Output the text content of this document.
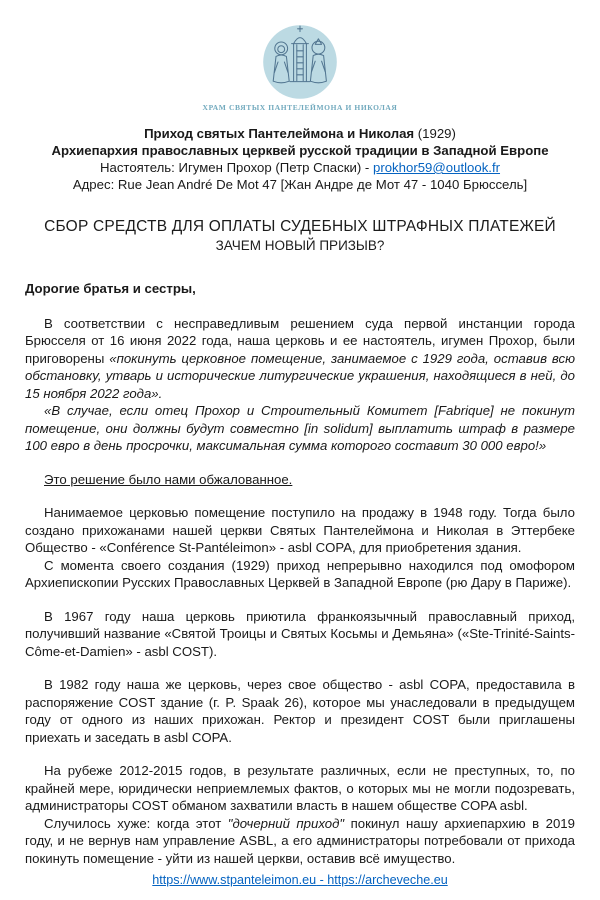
ХРАМ СВЯТЫХ ПАНТЕЛЕЙМОНА И НИКОЛАЯ
Приход святых Пантелеймона и Николая (1929)
Архиепархия православных церквей русской традиции в Западной Европе
Настоятель: Игумен Прохор (Петр Спаски) - prokhor59@outlook.fr
Адрес: Rue Jean André De Mot 47 [Жан Андре де Мот 47 - 1040 Брюссель]
СБОР СРЕДСТВ ДЛЯ ОПЛАТЫ СУДЕБНЫХ ШТРАФНЫХ ПЛАТЕЖЕЙ
ЗАЧЕМ НОВЫЙ ПРИЗЫВ?

Дорогие братья и сестры,

В соответствии с несправедливым решением суда первой инстанции города Брюсселя от 16 июня 2022 года, наша церковь и ее настоятель, игумен Прохор, были приговорены «покинуть церковное помещение, занимаемое с 1929 года, оставив всю обстановку, утварь и исторические литургические украшения, находящиеся в ней, до 15 ноября 2022 года».

«В случае, если отец Прохор и Строительный Комитет [Fabrique] не покинут помещение, они должны будут совместно [in solidum] выплатить штраф в размере 100 евро в день просрочки, максимальная сумма которого составит 30 000 евро!»

Это решение было нами обжалованное.

Нанимаемое церковью помещение поступило на продажу в 1948 году. Тогда было создано прихожанами нашей церкви Святых Пантелеймона и Николая в Эттербеке Общество - «Conférence St-Pantéleimon» - asbl COPA, для приобретения здания.

С момента своего создания (1929) приход непрерывно находился под омофором Архиепископии Русских Православных Церквей в Западной Европе (рю Дару в Париже).

В 1967 году наша церковь приютила франкоязычный православный приход, получивший название «Святой Троицы и Святых Косьмы и Демьяна» («Ste-Trinité-Saints-Côme-et-Damien» - asbl COST).

В 1982 году наша же церковь, через свое общество - asbl COPA, предоставила в распоряжение COST здание (г. P. Spaak 26), которое мы унаследовали в предыдущем году от одного из наших прихожан. Ректор и президент COST были приглашены приехать и заседать в asbl COPA.

На рубеже 2012-2015 годов, в результате различных, если не преступных, то, по крайней мере, юридически неприемлемых фактов, о которых мы не могли подозревать, администраторы COST обманом захватили власть в нашем обществе COPA asbl.

Случилось хуже: когда этот "дочерний приход" покинул нашу архиепархию в 2019 году, и не вернув нам управление ASBL, а его администраторы потребовали от прихода покинуть помещение - уйти из нашей церкви, оставив всё имущество.

https://www.stpanteleimon.eu - https://archeveche.eu
